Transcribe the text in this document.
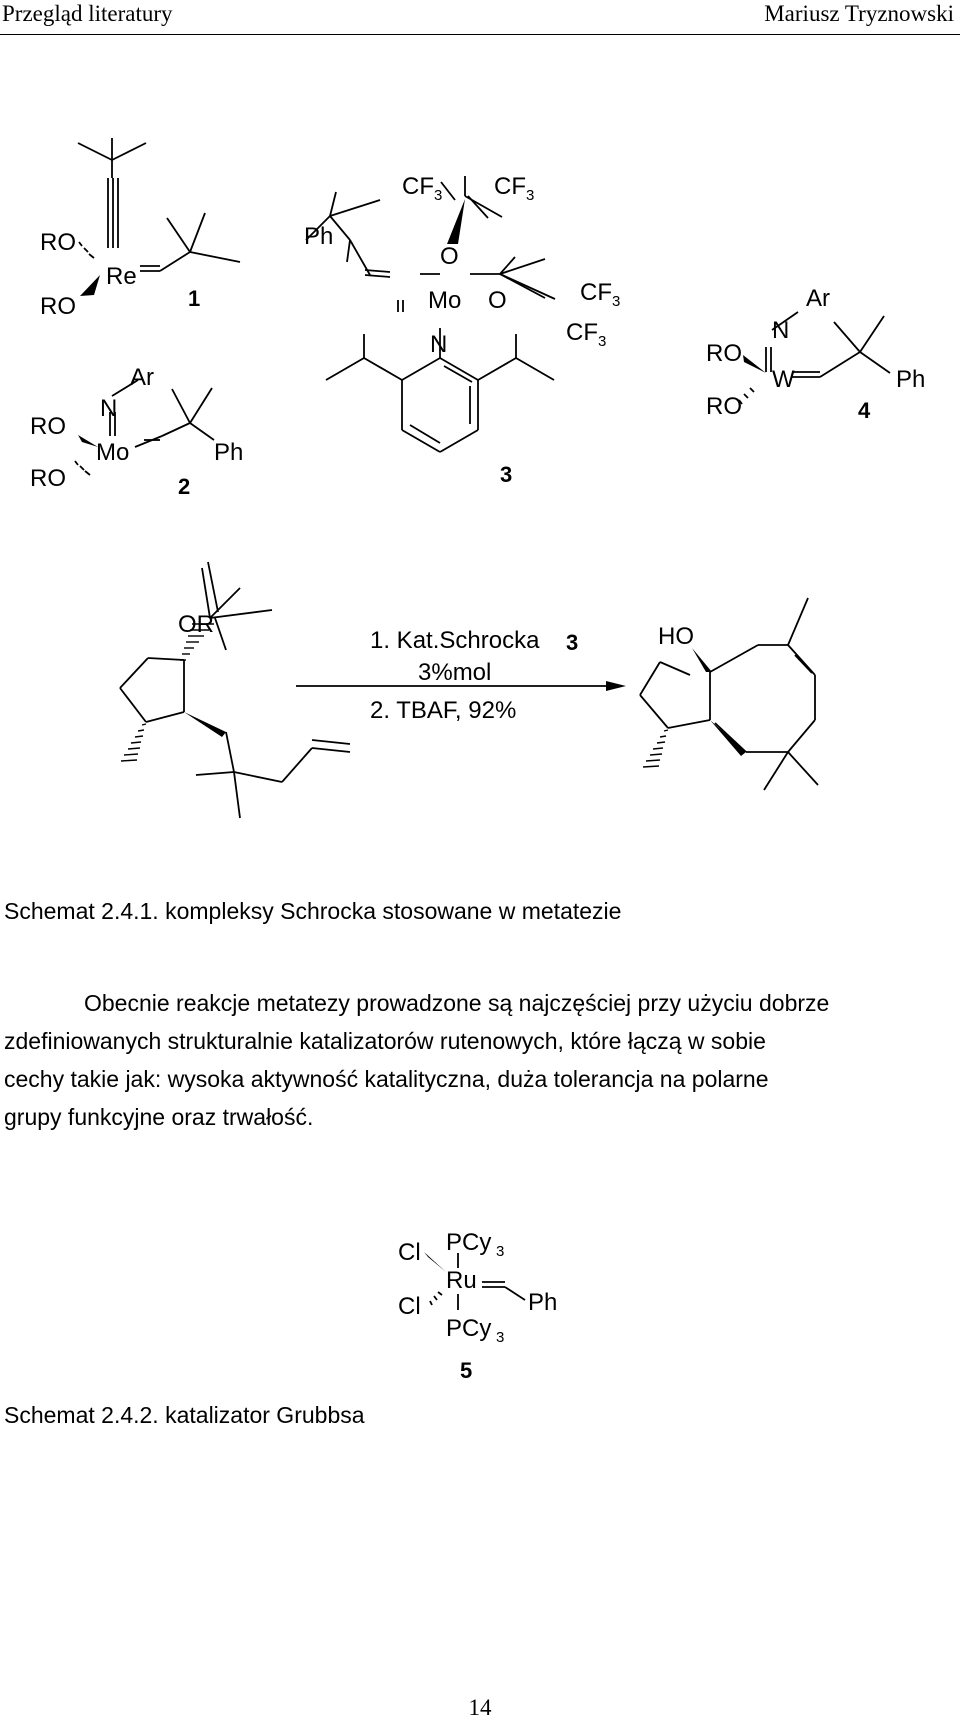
Przegląd literatury	Mariusz Tryznowski
RO
Re
RO	1
Ar
N
RO
Mo
RO
Ph
2
Ph
CF 3 CF 3
O
Mo O	CF 3
CF 3
N
3
Ar
N
RO
W
RO
Ph
4
OR
1. Kat.Schrocka 3
3%mol
2. TBAF, 92%
HO
PCy 3
Cl
Ru
Cl	Ph
PCy 3
5
Schemat 2.4.1. kompleksy Schrocka stosowane w metatezie

Obecnie reakcje metatezy prowadzone są najczęściej przy użyciu dobrze

zdefiniowanych strukturalnie katalizatorów rutenowych, które łączą w sobie

cechy takie jak: wysoka aktywność katalityczna, duża tolerancja na polarne

grupy funkcyjne oraz trwałość.

Schemat 2.4.2. katalizator Grubbsa
14
